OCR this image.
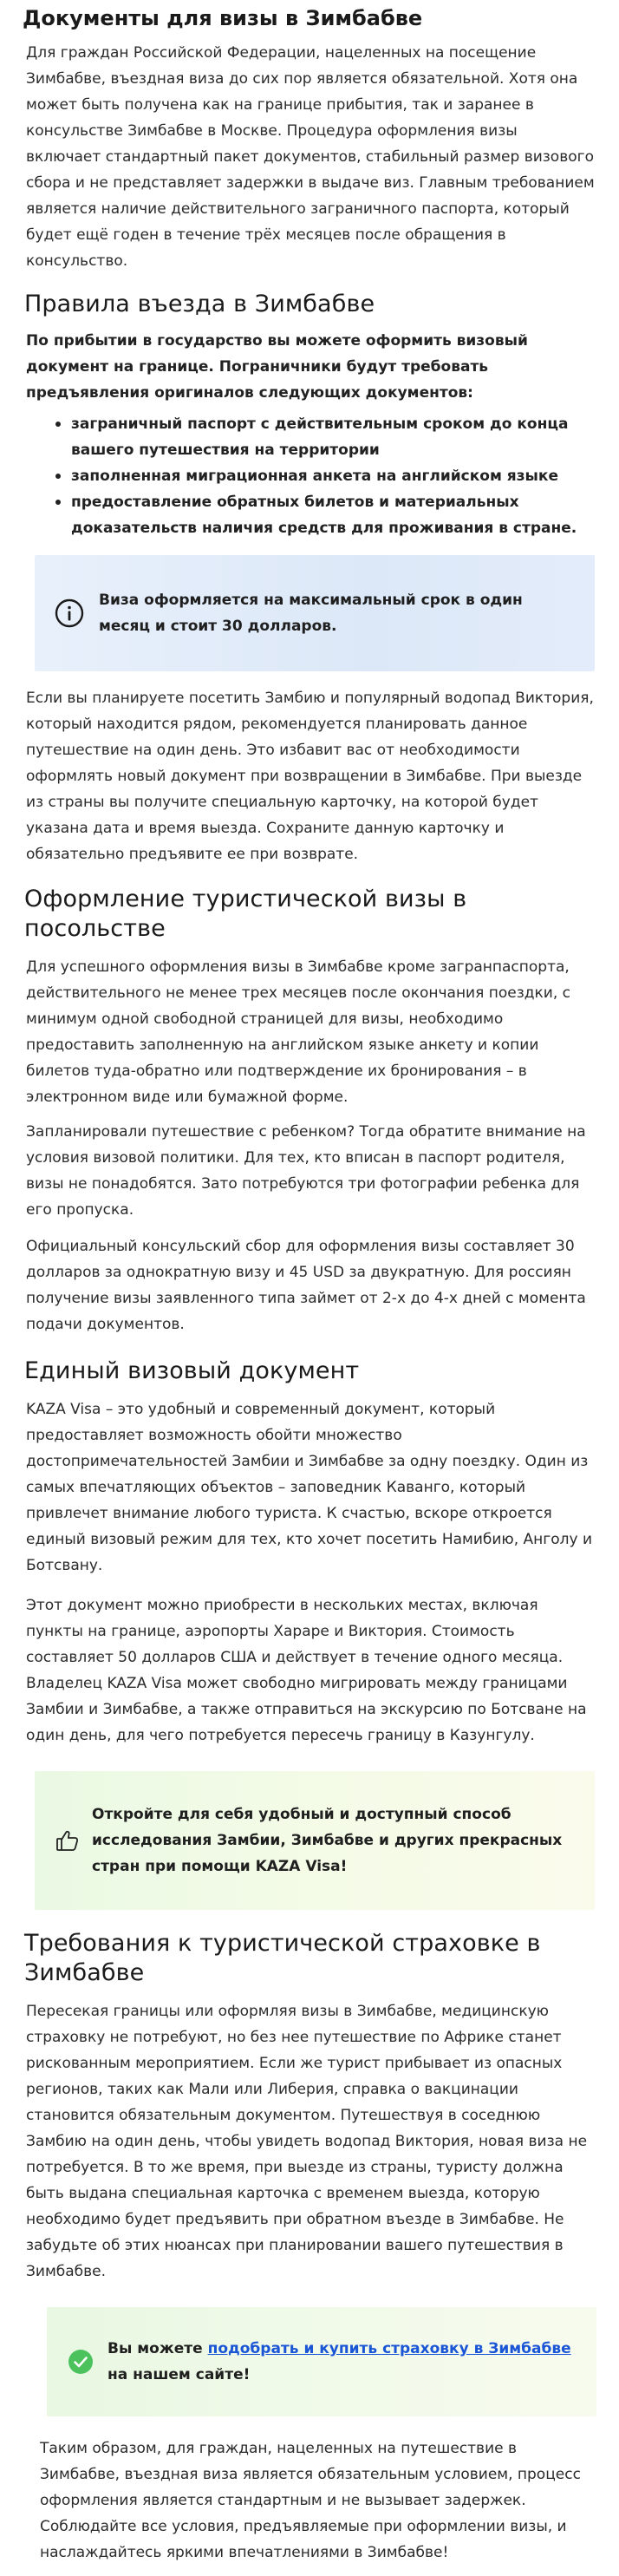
Документы для визы в Зимбабве

Для граждан Российской Федерации, нацеленных на посещение Зимбабве, въездная виза до сих пор является обязательной. Хотя она может быть получена как на границе прибытия, так и заранее в консульстве Зимбабве в Москве. Процедура оформления визы включает стандартный пакет документов, стабильный размер визового сбора и не представляет задержки в выдаче виз. Главным требованием является наличие действительного заграничного паспорта, который будет ещё годен в течение трёх месяцев после обращения в консульство.

Правила въезда в Зимбабве

По прибытии в государство вы можете оформить визовый документ на границе. Пограничники будут требовать предъявления оригиналов следующих документов:

заграничный паспорт с действительным сроком до конца вашего путешествия на территории
заполненная миграционная анкета на английском языке
предоставление обратных билетов и материальных доказательств наличия средств для проживания в стране.
Виза оформляется на максимальный срок в один месяц и стоит 30 долларов.

Если вы планируете посетить Замбию и популярный водопад Виктория, который находится рядом, рекомендуется планировать данное путешествие на один день. Это избавит вас от необходимости оформлять новый документ при возвращении в Зимбабве. При выезде из страны вы получите специальную карточку, на которой будет указана дата и время выезда. Сохраните данную карточку и обязательно предъявите ее при возврате.

Оформление туристической визы в посольстве

Для успешного оформления визы в Зимбабве кроме загранпаспорта, действительного не менее трех месяцев после окончания поездки, с минимум одной свободной страницей для визы, необходимо предоставить заполненную на английском языке анкету и копии билетов туда-обратно или подтверждение их бронирования – в электронном виде или бумажной форме.

Запланировали путешествие с ребенком? Тогда обратите внимание на условия визовой политики. Для тех, кто вписан в паспорт родителя, визы не понадобятся. Зато потребуются три фотографии ребенка для его пропуска.

Официальный консульский сбор для оформления визы составляет 30 долларов за однократную визу и 45 USD за двукратную. Для россиян получение визы заявленного типа займет от 2-х до 4-х дней с момента подачи документов.

Единый визовый документ

KAZA Visa – это удобный и современный документ, который предоставляет возможность обойти множество достопримечательностей Замбии и Зимбабве за одну поездку. Один из самых впечатляющих объектов – заповедник Каванго, который привлечет внимание любого туриста. К счастью, вскоре откроется единый визовый режим для тех, кто хочет посетить Намибию, Анголу и Ботсвану.

Этот документ можно приобрести в нескольких местах, включая пункты на границе, аэропорты Хараре и Виктория. Стоимость составляет 50 долларов США и действует в течение одного месяца. Владелец KAZA Visa может свободно мигрировать между границами Замбии и Зимбабве, а также отправиться на экскурсию по Ботсване на один день, для чего потребуется пересечь границу в Казунгулу.

Откройте для себя удобный и доступный способ исследования Замбии, Зимбабве и других прекрасных стран при помощи KAZA Visa!
Требования к туристической страховке в Зимбабве

Пересекая границы или оформляя визы в Зимбабве, медицинскую страховку не потребуют, но без нее путешествие по Африке станет рискованным мероприятием. Если же турист прибывает из опасных регионов, таких как Мали или Либерия, справка о вакцинации становится обязательным документом. Путешествуя в соседнюю Замбию на один день, чтобы увидеть водопад Виктория, новая виза не потребуется. В то же время, при выезде из страны, туристу должна быть выдана специальная карточка с временем выезда, которую необходимо будет предъявить при обратном въезде в Зимбабве. Не забудьте об этих нюансах при планировании вашего путешествия в Зимбабве.

Вы можете подобрать и купить страховку в Зимбабве на нашем сайте!

Таким образом, для граждан, нацеленных на путешествие в Зимбабве, въездная виза является обязательным условием, процесс оформления является стандартным и не вызывает задержек. Соблюдайте все условия, предъявляемые при оформлении визы, и наслаждайтесь яркими впечатлениями в Зимбабве!
